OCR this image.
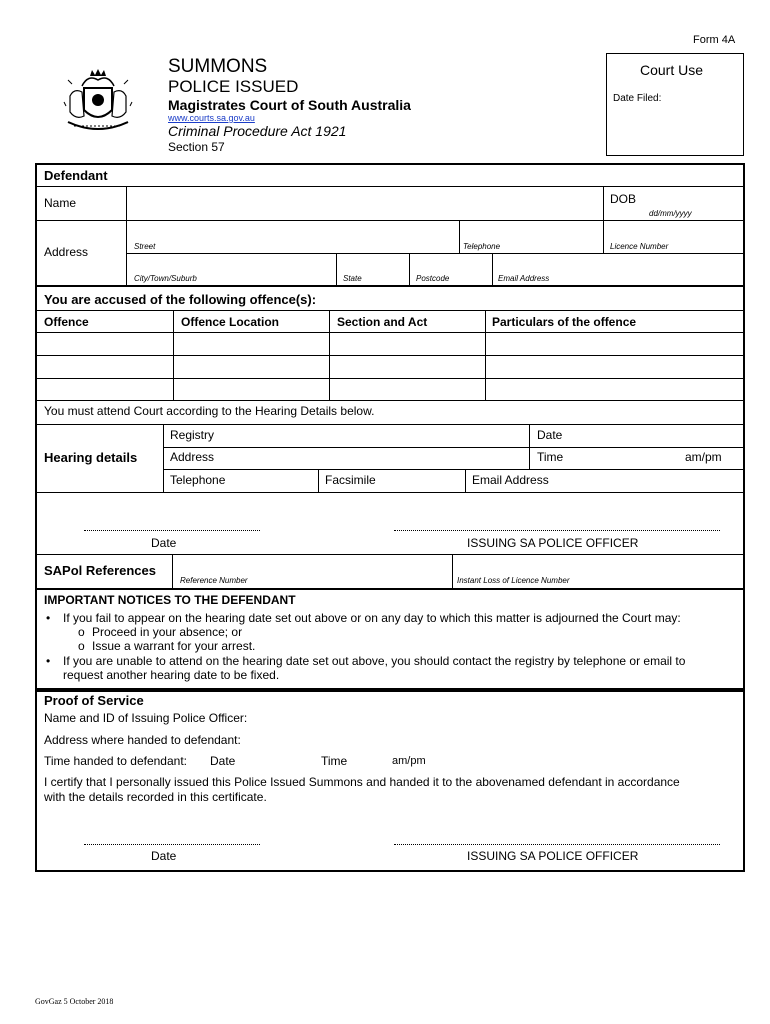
Form 4A
SUMMONS
POLICE ISSUED
Magistrates Court of South Australia
www.courts.sa.gov.au
Criminal Procedure Act 1921
Section 57
Court Use
Date Filed:
Defendant
Name	DOB
dd/mm/yyyy
Address	Street	Telephone	Licence Number
City/Town/Suburb	State	Postcode	Email Address
You are accused of the following offence(s):
Offence	Offence Location	Section and Act	Particulars of the offence
You must attend Court according to the Hearing Details below.
Hearing details
Registry	Date
Address	Time	am/pm
Telephone	Facsimile	Email Address
Date	ISSUING SA POLICE OFFICER
SAPol References
Reference Number	Instant Loss of Licence Number
IMPORTANT NOTICES TO THE DEFENDANT
• If you fail to appear on the hearing date set out above or on any day to which this matter is adjourned the Court may:
o Proceed in your absence; or
o Issue a warrant for your arrest.
• If you are unable to attend on the hearing date set out above, you should contact the registry by telephone or email to
request another hearing date to be fixed.
Proof of Service
Name and ID of Issuing Police Officer:
Address where handed to defendant:
Time handed to defendant: Date	Time	am/pm
I certify that I personally issued this Police Issued Summons and handed it to the abovenamed defendant in accordance
with the details recorded in this certificate.
Date	ISSUING SA POLICE OFFICER
GovGaz 5 October 2018
